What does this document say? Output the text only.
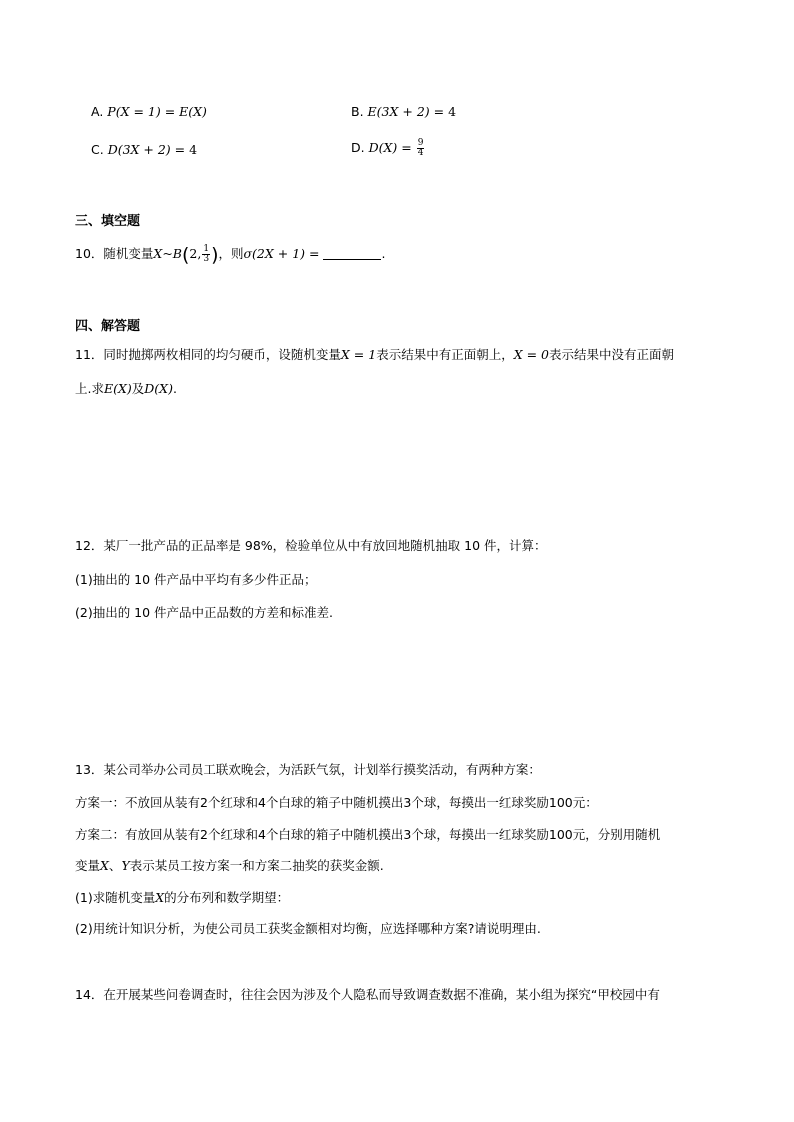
A. P(X = 1) = E(X)	B. E(3X + 2) = 4
C. D(3X + 2) = 4	D. $D(X) = \frac{9}{4}$
三、填空题
10．随机变量X~B(2, $\frac{1}{3}$ )，则σ(2X + 1) =	.
四、解答题
11．同时抛掷两枚相同的均匀硬币，设随机变量X = 1表示结果中有正面朝上，X = 0表示结果中没有正面朝
上.求E(X)及D(X).
12．某厂一批产品的正品率是 98%，检验单位从中有放回地随机抽取 10 件，计算：
(1)抽出的 10 件产品中平均有多少件正品；
(2)抽出的 10 件产品中正品数的方差和标准差.
13．某公司举办公司员工联欢晚会，为活跃气氛，计划举行摸奖活动，有两种方案：
方案一：不放回从装有2个红球和4个白球的箱子中随机摸出3个球，每摸出一红球奖励100元：
方案二：有放回从装有2个红球和4个白球的箱子中随机摸出3个球，每摸出一红球奖励100元，分别用随机
变量X、Y表示某员工按方案一和方案二抽奖的获奖金额.
(1)求随机变量X的分布列和数学期望：
(2)用统计知识分析，为使公司员工获奖金额相对均衡，应选择哪种方案?请说明理由.
14．在开展某些问卷调查时，往往会因为涉及个人隐私而导致调查数据不准确，某小组为探究“甲校园中有
